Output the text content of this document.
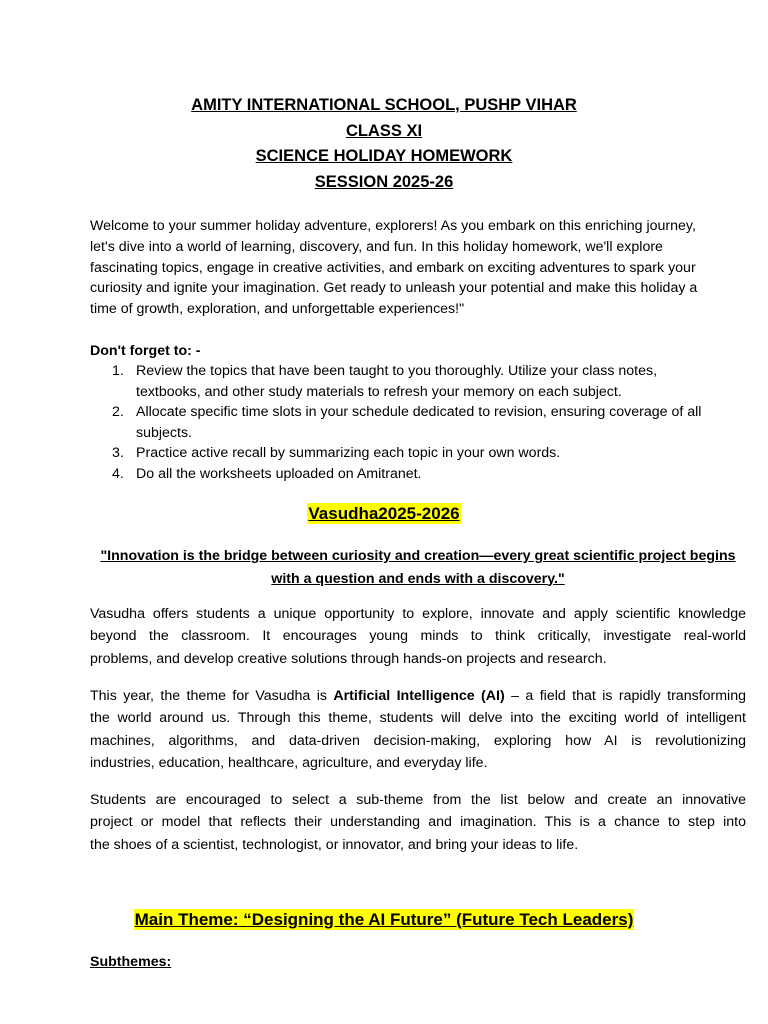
AMITY INTERNATIONAL SCHOOL, PUSHP VIHAR
CLASS XI
SCIENCE HOLIDAY HOMEWORK
SESSION 2025-26

Welcome to your summer holiday adventure, explorers! As you embark on this enriching journey,
let's dive into a world of learning, discovery, and fun. In this holiday homework, we'll explore
fascinating topics, engage in creative activities, and embark on exciting adventures to spark your
curiosity and ignite your imagination. Get ready to unleash your potential and make this holiday a
time of growth, exploration, and unforgettable experiences!"

Don't forget to: -

1. Review the topics that have been taught to you thoroughly. Utilize your class notes,
textbooks, and other study materials to refresh your memory on each subject.
2. Allocate specific time slots in your schedule dedicated to revision, ensuring coverage of all
subjects.
3. Practice active recall by summarizing each topic in your own words.
4. Do all the worksheets uploaded on Amitranet.
Vasudha2025-2026
"Innovation is the bridge between curiosity and creation—every great scientific project begins
with a question and ends with a discovery."
Vasudha offers students a unique opportunity to explore, innovate and apply scientific knowledge
beyond the classroom. It encourages young minds to think critically, investigate real-world
problems, and develop creative solutions through hands-on projects and research.
This year, the theme for Vasudha is Artificial Intelligence (AI) – a field that is rapidly transforming
the world around us. Through this theme, students will delve into the exciting world of intelligent
machines, algorithms, and data-driven decision-making, exploring how AI is revolutionizing
industries, education, healthcare, agriculture, and everyday life.
Students are encouraged to select a sub-theme from the list below and create an innovative
project or model that reflects their understanding and imagination. This is a chance to step into
the shoes of a scientist, technologist, or innovator, and bring your ideas to life.
Main Theme: “Designing the AI Future” (Future Tech Leaders)

Subthemes:
